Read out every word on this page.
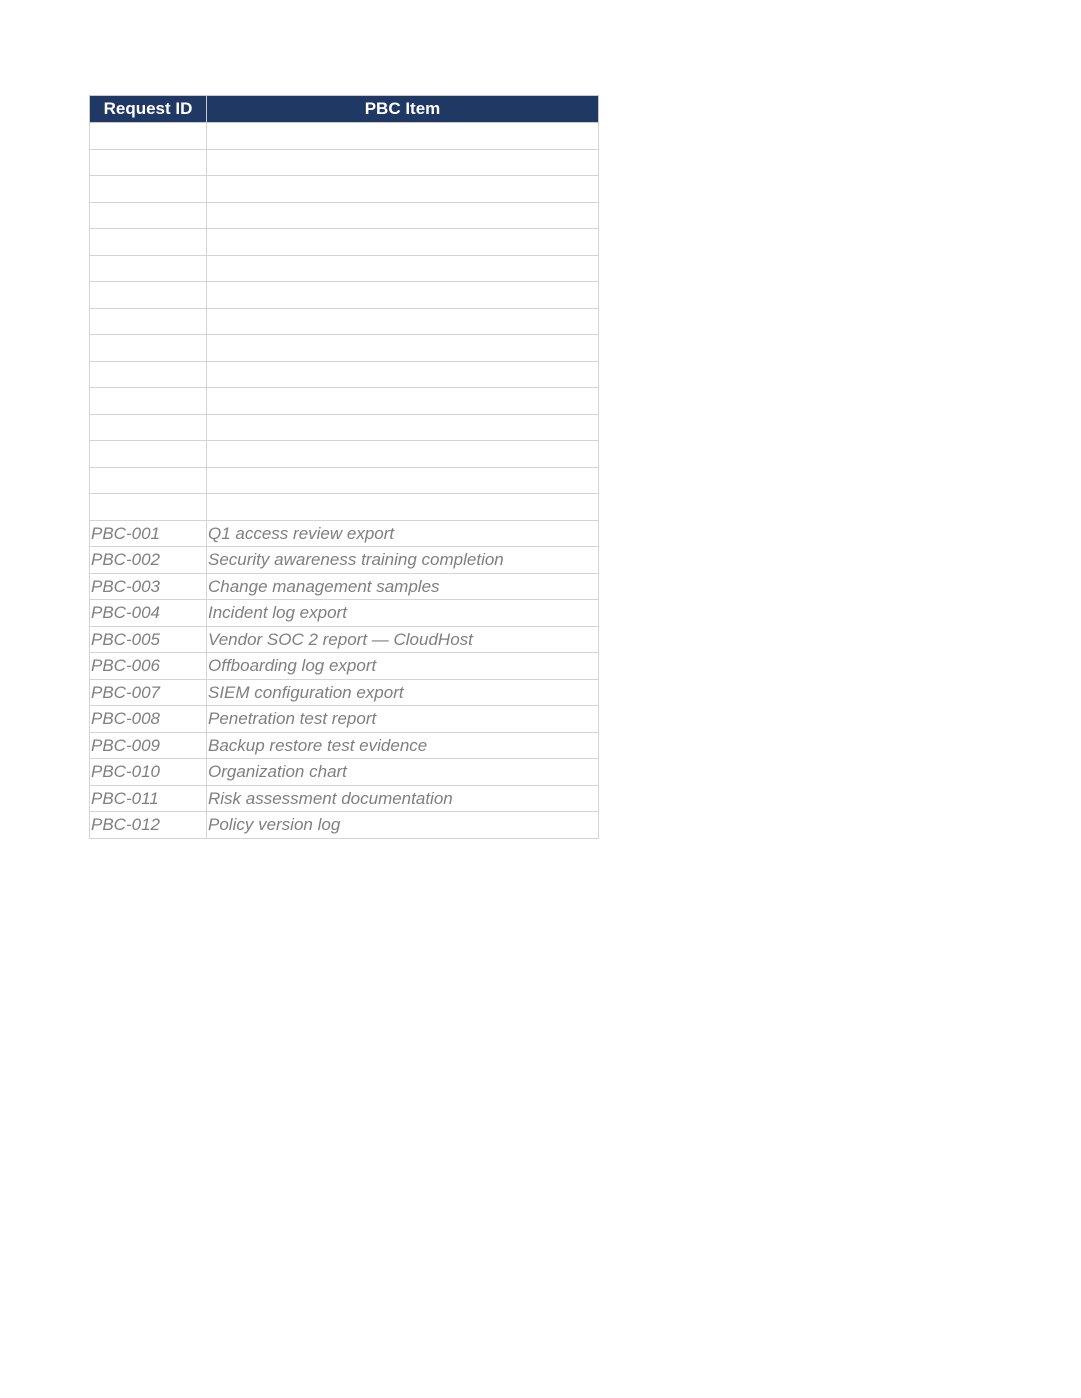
Request ID	PBC Item

PBC-001	Q1 access review export
PBC-002	Security awareness training completion
PBC-003	Change management samples
PBC-004	Incident log export
PBC-005	Vendor SOC 2 report — CloudHost
PBC-006	Offboarding log export
PBC-007	SIEM configuration export
PBC-008	Penetration test report
PBC-009	Backup restore test evidence
PBC-010	Organization chart
PBC-011	Risk assessment documentation
PBC-012	Policy version log
